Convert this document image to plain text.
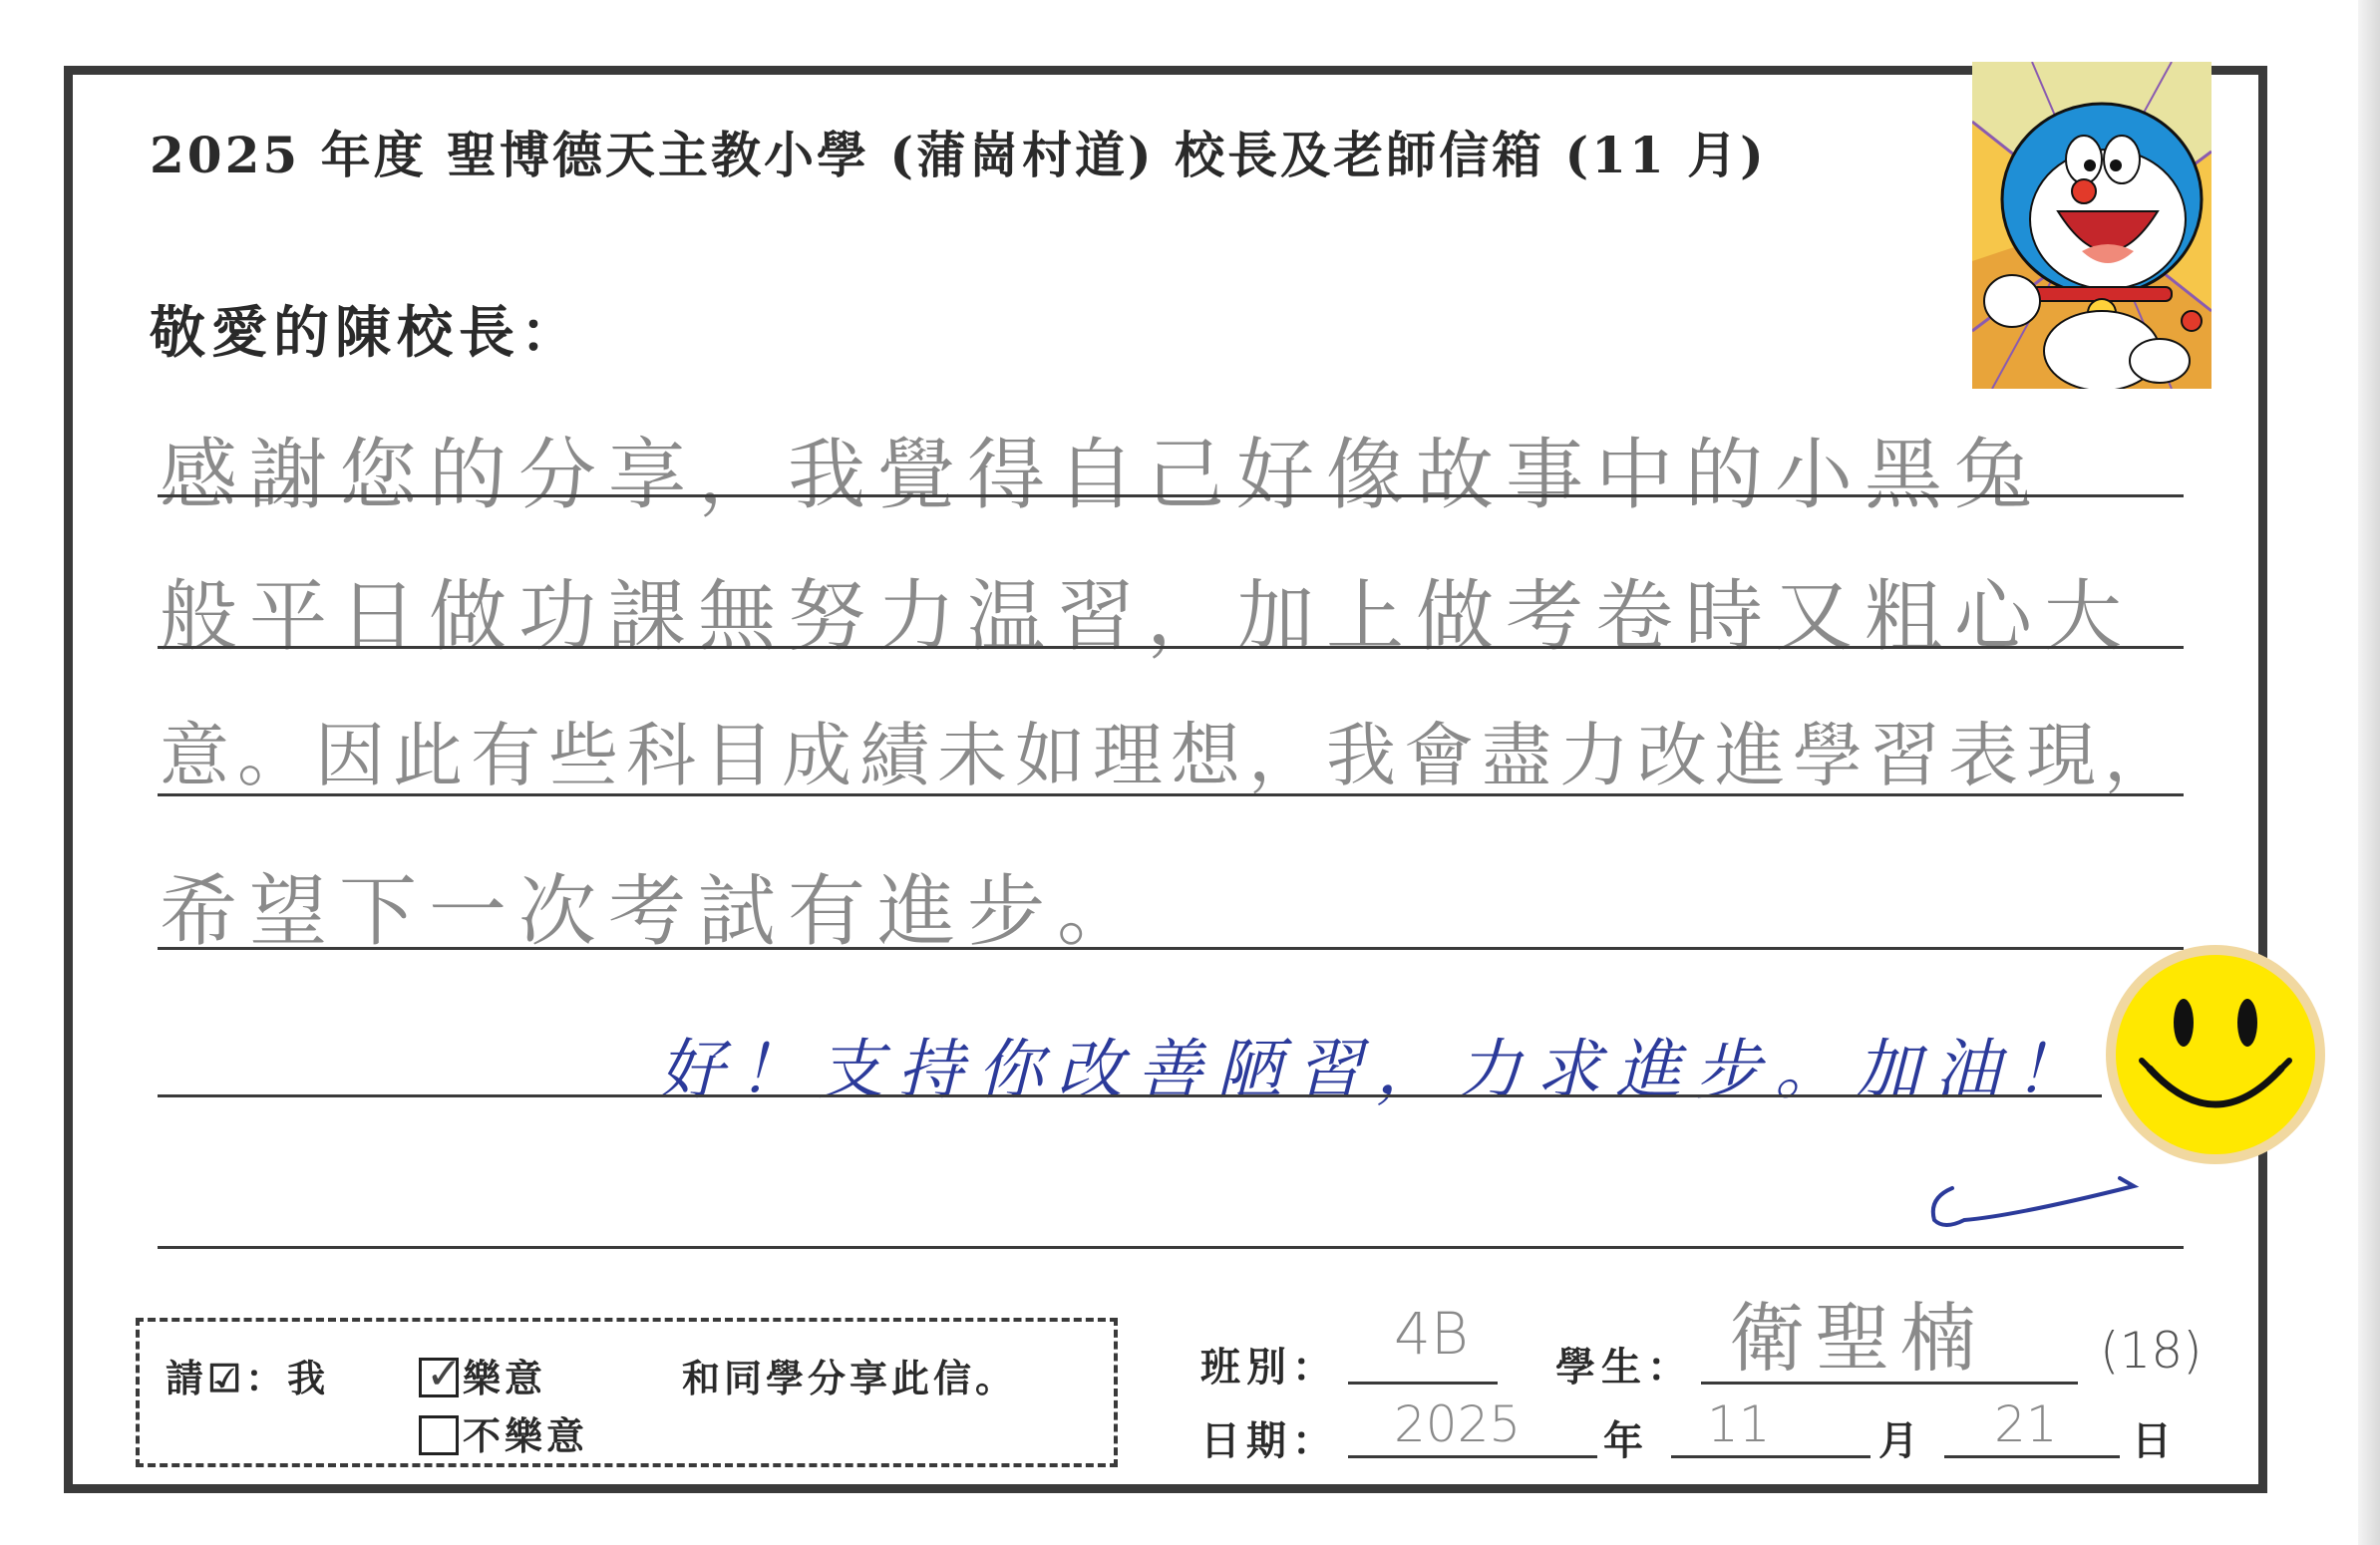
2025 年度 聖博德天主教小學 (蒲崗村道) 校長及老師信箱 (11 月)
敬愛的陳校長：
感謝您的分享，我覺得自己好像故事中的小黑兔
般平日做功課無努力温習，加上做考卷時又粗心大
意。因此有些科目成績未如理想，我會盡力改進學習表現，
希望下一次考試有進步。
好！支持你改善陋習，力求進步。加油！
請☑：我 ✓
樂意	和同學分享此信。
不樂意
班別： 4B 學生： 衛聖楠 (18)
日期： 2025 年 11	月 21 日
